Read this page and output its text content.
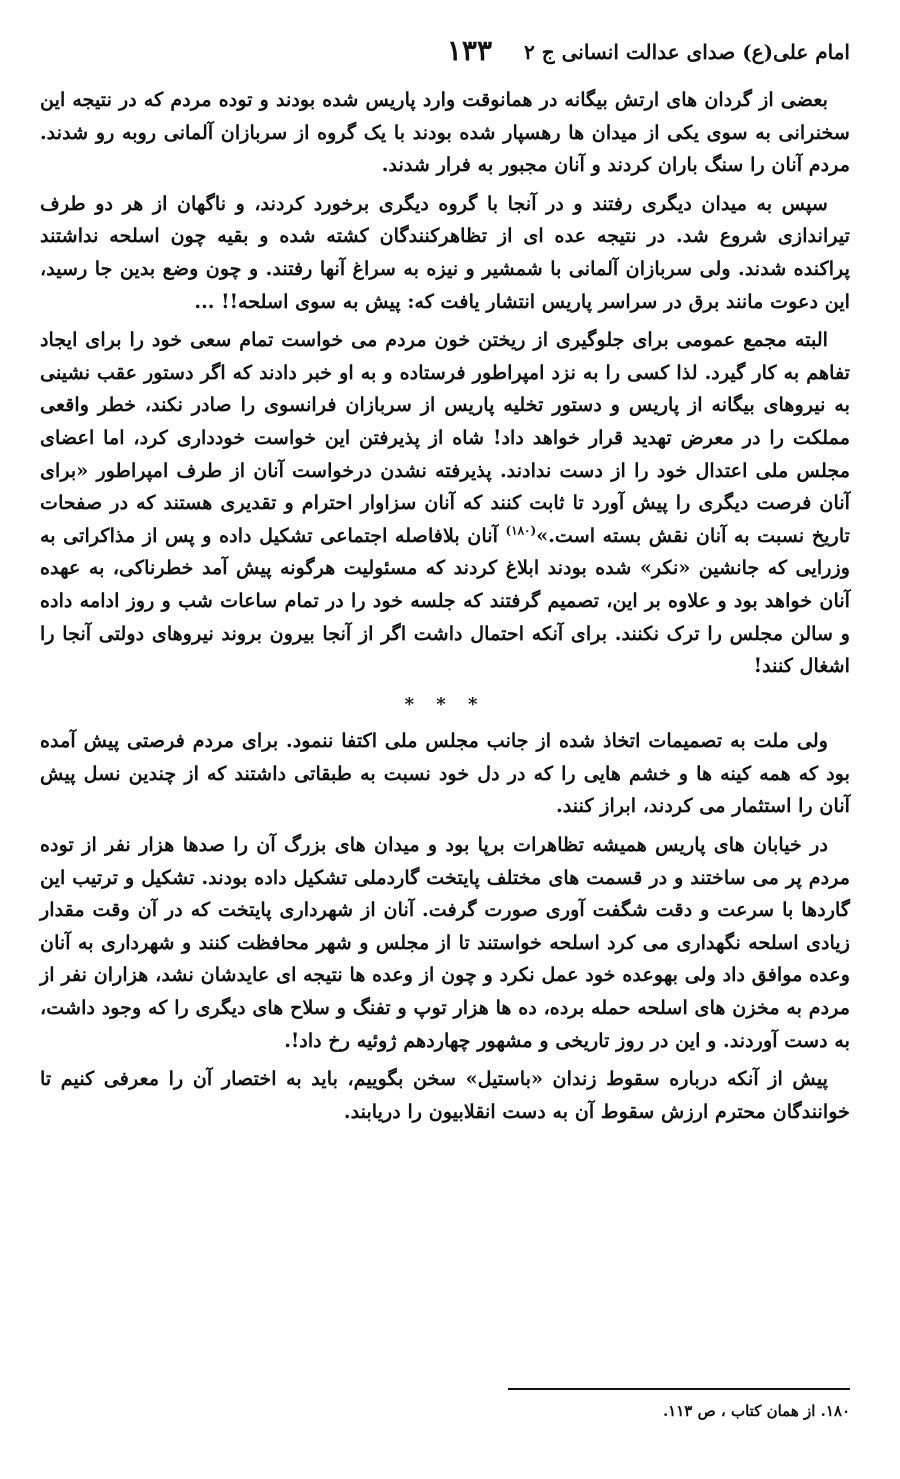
امام علی(ع) صدای عدالت انسانی ج ۲
۱۳۳

بعضی از گردان های ارتش بیگانه در همانوقت وارد پاریس شده بودند و توده مردم که در نتیجه این سخنرانی به سوی یکی از میدان ها رهسپار شده بودند با یک گروه از سربازان آلمانی روبه رو شدند. مردم آنان را سنگ باران کردند و آنان مجبور به فرار شدند.

سپس به میدان دیگری رفتند و در آنجا با گروه دیگری برخورد کردند، و ناگهان از هر دو طرف تیراندازی شروع شد. در نتیجه عده ای از تظاهرکنندگان کشته شده و بقیه چون اسلحه نداشتند پراکنده شدند. ولی سربازان آلمانی با شمشیر و نیزه به سراغ آنها رفتند. و چون وضع بدین جا رسید، این دعوت مانند برق در سراسر پاریس انتشار یافت که: پیش به سوی اسلحه!! ...

البته مجمع عمومی برای جلوگیری از ریختن خون مردم می خواست تمام سعی خود را برای ایجاد تفاهم به کار گیرد. لذا کسی را به نزد امپراطور فرستاده و به او خبر دادند که اگر دستور عقب نشینی به نیروهای بیگانه از پاریس و دستور تخلیه پاریس از سربازان فرانسوی را صادر نکند، خطر واقعی مملکت را در معرض تهدید قرار خواهد داد! شاه از پذیرفتن این خواست خودداری کرد، اما اعضای مجلس ملی اعتدال خود را از دست ندادند. پذیرفته نشدن درخواست آنان از طرف امپراطور «برای آنان فرصت دیگری را پیش آورد تا ثابت کنند که آنان سزاوار احترام و تقدیری هستند که در صفحات تاریخ نسبت به آنان نقش بسته است.»$^{(۱۸۰)}$ آنان بلافاصله اجتماعی تشکیل داده و پس از مذاکراتی به وزرایی که جانشین «نکر» شده بودند ابلاغ کردند که مسئولیت هرگونه پیش آمد خطرناکی، به عهده آنان خواهد بود و علاوه بر این، تصمیم گرفتند که جلسه خود را در تمام ساعات شب و روز ادامه داده و سالن مجلس را ترک نکنند. برای آنکه احتمال داشت اگر از آنجا بیرون بروند نیروهای دولتی آنجا را اشغال کنند!

* * *

ولی ملت به تصمیمات اتخاذ شده از جانب مجلس ملی اکتفا ننمود. برای مردم فرصتی پیش آمده بود که همه کینه ها و خشم هایی را که در دل خود نسبت به طبقاتی داشتند که از چندین نسل پیش آنان را استثمار می کردند، ابراز کنند.

در خیابان های پاریس همیشه تظاهرات برپا بود و میدان های بزرگ آن را صدها هزار نفر از توده مردم پر می ساختند و در قسمت های مختلف پایتخت گاردملی تشکیل داده بودند. تشکیل و ترتیب این گاردها با سرعت و دقت شگفت آوری صورت گرفت. آنان از شهرداری پایتخت که در آن وقت مقدار زیادی اسلحه نگهداری می کرد اسلحه خواستند تا از مجلس و شهر محافظت کنند و شهرداری به آنان وعده موافق داد ولی بهوعده خود عمل نکرد و چون از وعده ها نتیجه ای عایدشان نشد، هزاران نفر از مردم به مخزن های اسلحه حمله برده، ده ها هزار توپ و تفنگ و سلاح های دیگری را که وجود داشت، به دست آوردند. و این در روز تاریخی و مشهور چهاردهم ژوئیه رخ داد!.

پیش از آنکه درباره سقوط زندان «باستیل» سخن بگوییم، باید به اختصار آن را معرفی کنیم تا خوانندگان محترم ارزش سقوط آن به دست انقلابیون را دریابند.

۱۸۰. از همان کتاب ، ص ۱۱۳.
